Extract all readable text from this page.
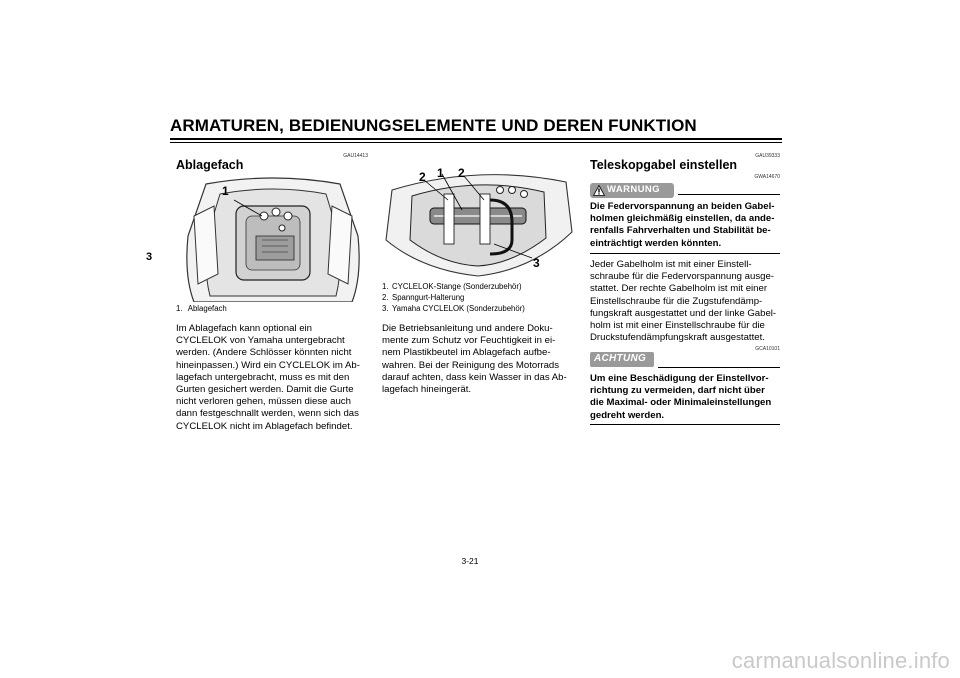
ARMATUREN, BEDIENUNGSELEMENTE UND DEREN FUNKTION
3
GAU14413
Ablagefach
1
1. Ablagefach
Im Ablagefach kann optional ein
CYCLELOK von Yamaha untergebracht
werden. (Andere Schlösser könnten nicht
hineinpassen.) Wird ein CYCLELOK im Ab-
lagefach untergebracht, muss es mit den
Gurten gesichert werden. Damit die Gurte
nicht verloren gehen, müssen diese auch
dann festgeschnallt werden, wenn sich das
CYCLELOK nicht im Ablagefach befindet.
2 1 2
3
1. CYCLELOK-Stange (Sonderzubehör)
2. Spanngurt-Halterung
3. Yamaha CYCLELOK (Sonderzubehör)
Die Betriebsanleitung und andere Doku-
mente zum Schutz vor Feuchtigkeit in ei-
nem Plastikbeutel im Ablagefach aufbe-
wahren. Bei der Reinigung des Motorrads
darauf achten, dass kein Wasser in das Ab-
lagefach hineingerät.
GAU39333
Teleskopgabel einstellen
GWA14670
WARNUNG
Die Federvorspannung an beiden Gabel-
holmen gleichmäßig einstellen, da ande-
renfalls Fahrverhalten und Stabilität be-
einträchtigt werden könnten.
Jeder Gabelholm ist mit einer Einstell-
schraube für die Federvorspannung ausge-
stattet. Der rechte Gabelholm ist mit einer
Einstellschraube für die Zugstufendämp-
fungskraft ausgestattet und der linke Gabel-
holm ist mit einer Einstellschraube für die
Druckstufendämpfungskraft ausgestattet.
GCA10101
ACHTUNG
Um eine Beschädigung der Einstellvor-
richtung zu vermeiden, darf nicht über
die Maximal- oder Minimaleinstellungen
gedreht werden.
3-21
carmanualsonline.info
